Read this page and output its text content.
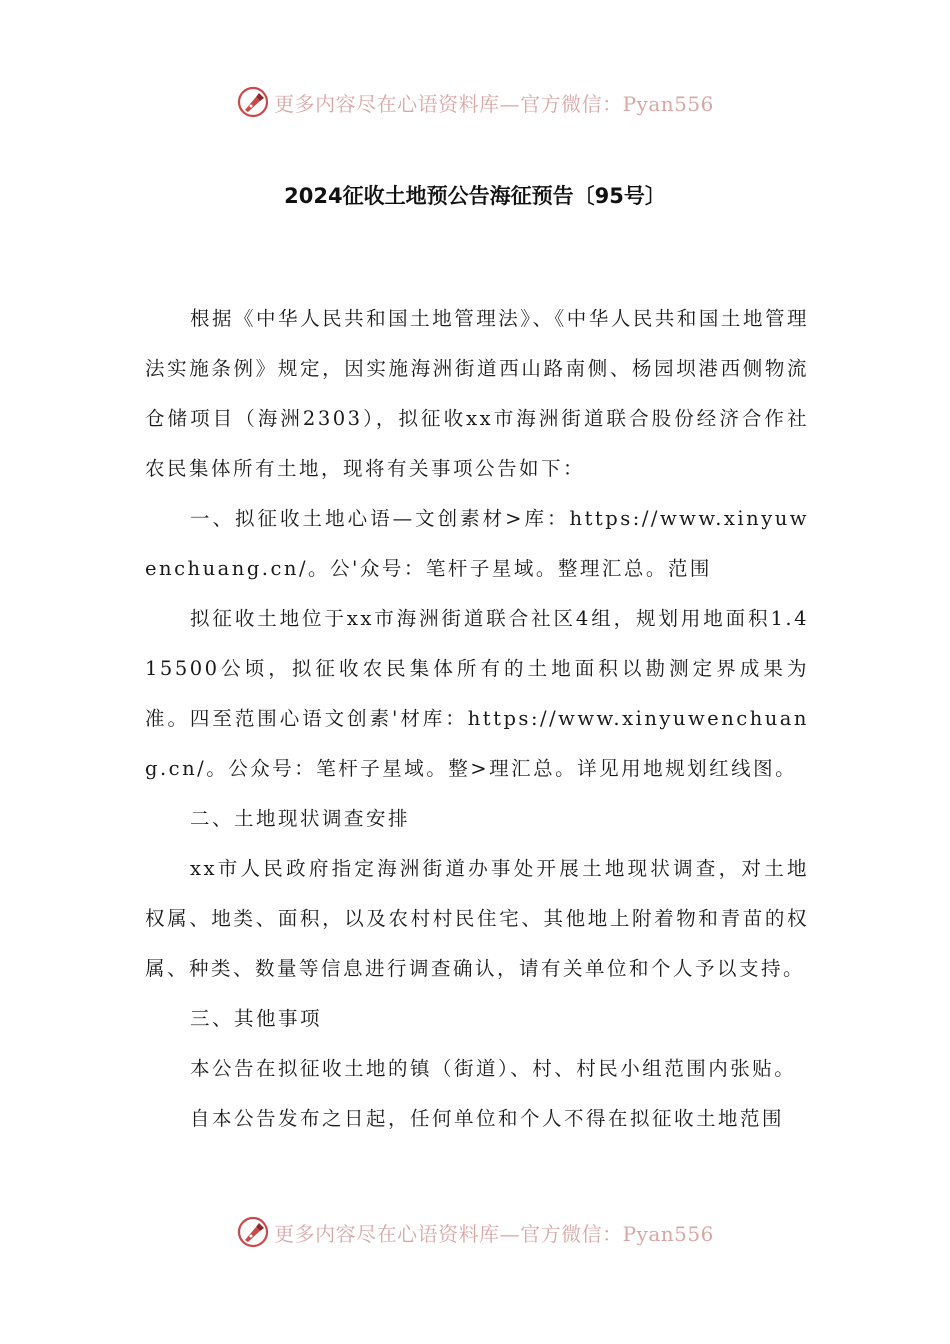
更多内容尽在心语资料库—官方微信：Pyan556
2024征收土地预公告海征预告〔95号〕

根据《中华人民共和国土地管理法》、《中华人民共和国土地管理法实施条例》规定，因实施海洲街道西山路南侧、杨园坝港西侧物流仓储项目（海洲2303），拟征收xx市海洲街道联合股份经济合作社农民集体所有土地，现将有关事项公告如下：

一、拟征收土地心语—文创素材>库：https://www.xinyuwenchuang.cn/。公'众号：笔杆子星域。整理汇总。范围

拟征收土地位于xx市海洲街道联合社区4组，规划用地面积1.415500公顷，拟征收农民集体所有的土地面积以勘测定界成果为准。四至范围心语文创素'材库：https://www.xinyuwenchuang.cn/。公众号：笔杆子星域。整>理汇总。详见用地规划红线图。

二、土地现状调查安排

xx市人民政府指定海洲街道办事处开展土地现状调查，对土地权属、地类、面积，以及农村村民住宅、其他地上附着物和青苗的权属、种类、数量等信息进行调查确认，请有关单位和个人予以支持。

三、其他事项

本公告在拟征收土地的镇（街道）、村、村民小组范围内张贴。

自本公告发布之日起，任何单位和个人不得在拟征收土地范围

更多内容尽在心语资料库—官方微信：Pyan556
